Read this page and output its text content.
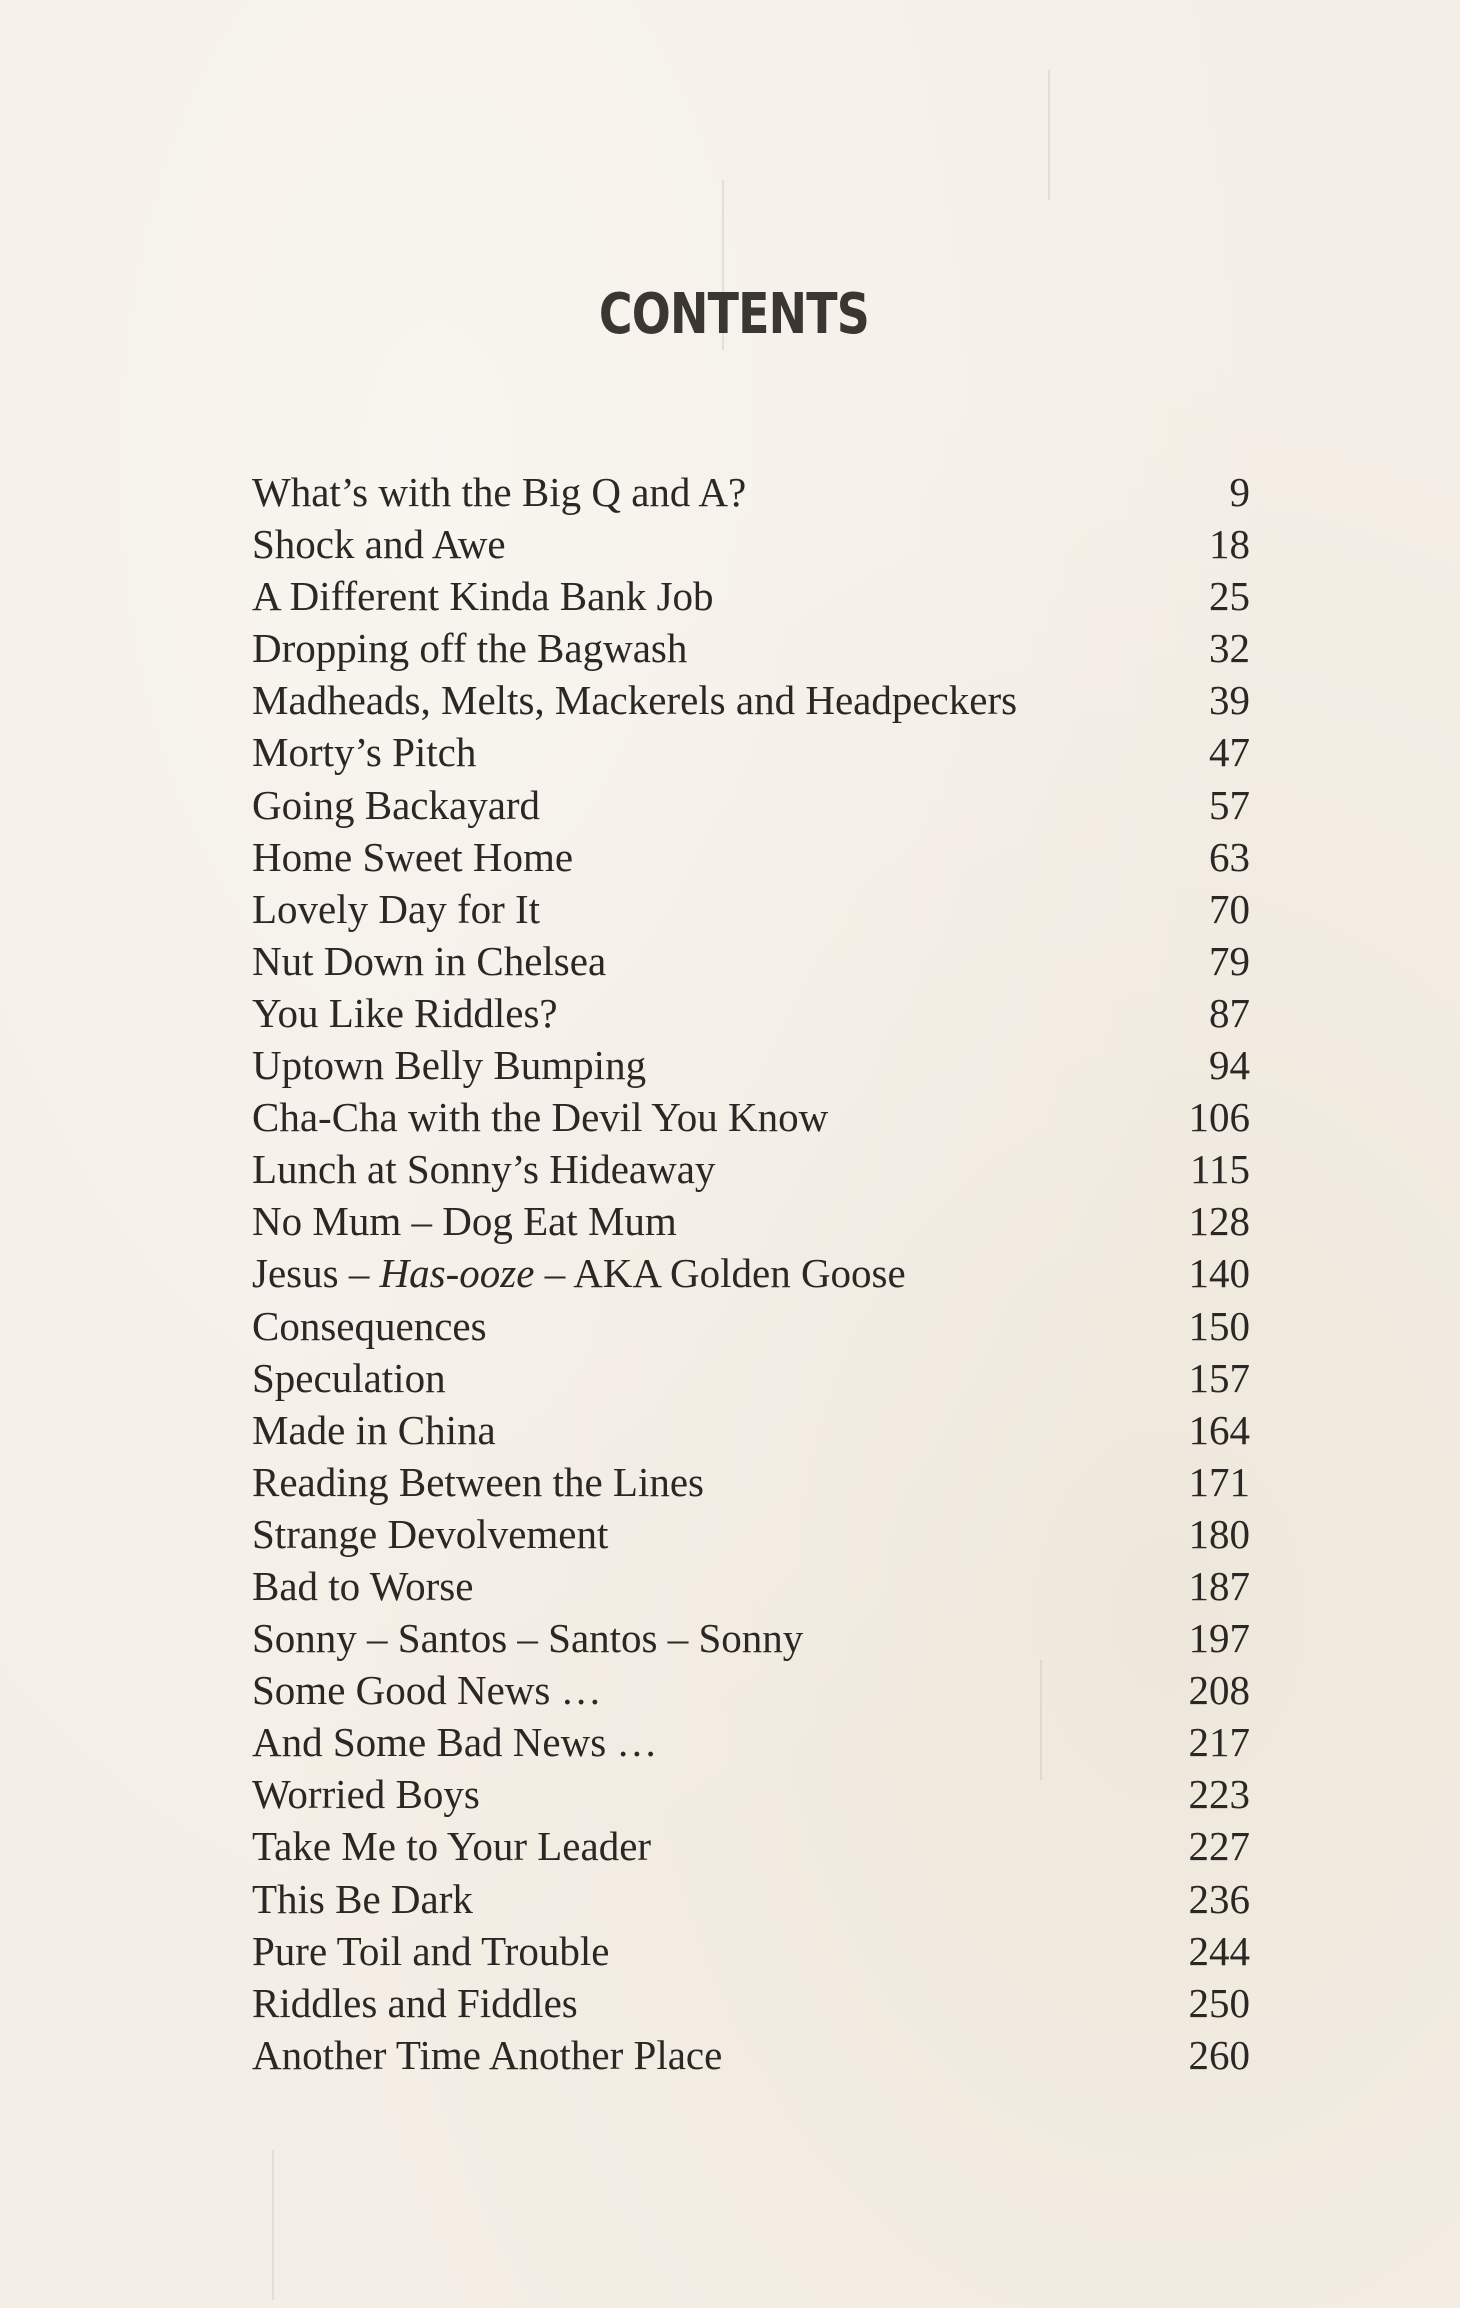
CONTENTS
What’s with the Big Q and A?	9
Shock and Awe	18
A Different Kinda Bank Job	25
Dropping off the Bagwash	32
Madheads, Melts, Mackerels and Headpeckers	39
Morty’s Pitch	47
Going Backayard	57
Home Sweet Home	63
Lovely Day for It	70
Nut Down in Chelsea	79
You Like Riddles?	87
Uptown Belly Bumping	94
Cha-Cha with the Devil You Know	106
Lunch at Sonny’s Hideaway	115
No Mum – Dog Eat Mum	128
Jesus – Has-ooze – AKA Golden Goose	140
Consequences	150
Speculation	157
Made in China	164
Reading Between the Lines	171
Strange Devolvement	180
Bad to Worse	187
Sonny – Santos – Santos – Sonny	197
Some Good News …	208
And Some Bad News …	217
Worried Boys	223
Take Me to Your Leader	227
This Be Dark	236
Pure Toil and Trouble	244
Riddles and Fiddles	250
Another Time Another Place	260
